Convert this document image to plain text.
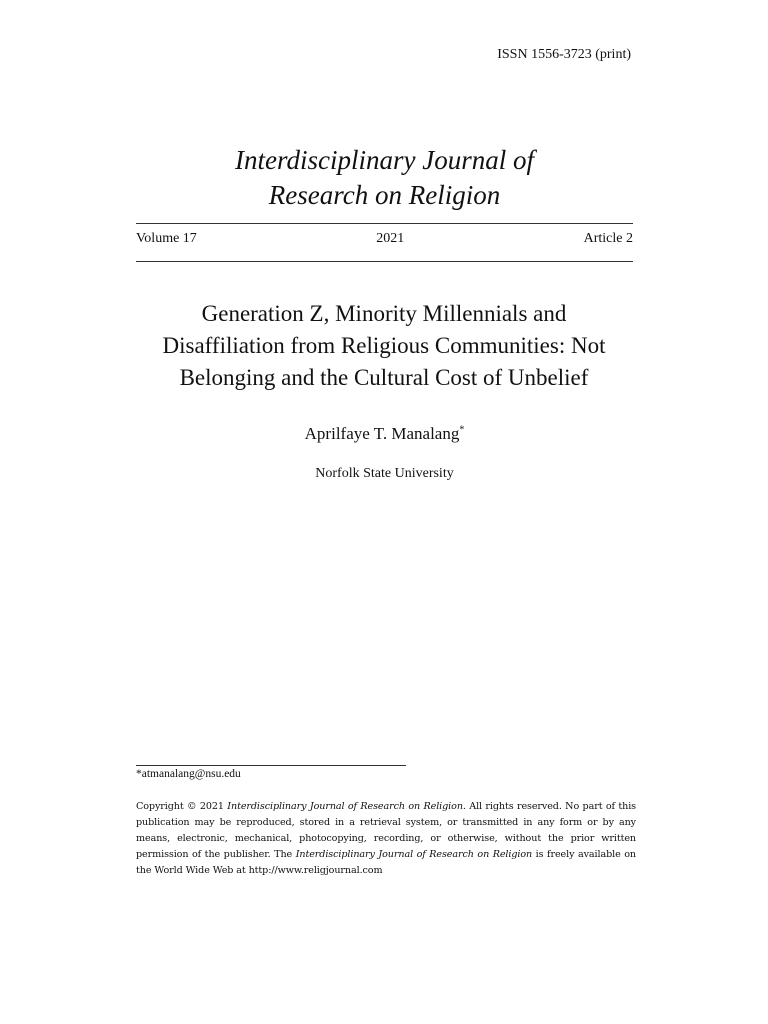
ISSN 1556-3723 (print)
Interdisciplinary Journal of
Research on Religion
Volume 17	2021	Article 2
Generation Z, Minority Millennials and
Disaffiliation from Religious Communities: Not
Belonging and the Cultural Cost of Unbelief
Aprilfaye T. Manalang*
Norfolk State University
*atmanalang@nsu.edu
Copyright © 2021 Interdisciplinary Journal of Research on Religion. All rights reserved. No part of this publication may be reproduced, stored in a retrieval system, or transmitted in any form or by any means, electronic, mechanical, photocopying, recording, or otherwise, without the prior written permission of the publisher. The Interdisciplinary Journal of Research on Religion is freely available on the World Wide Web at http://www.religjournal.com
